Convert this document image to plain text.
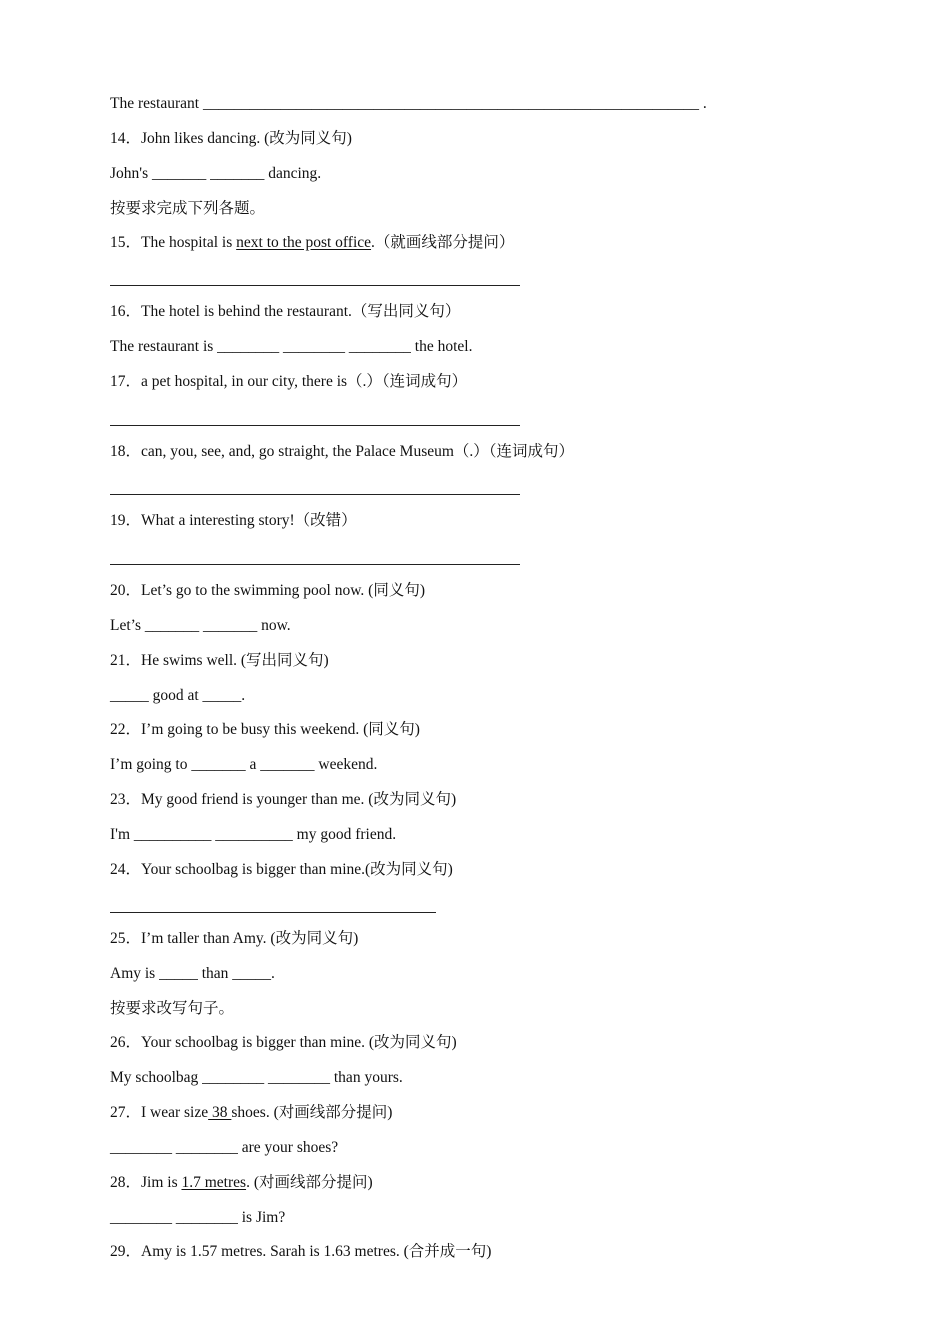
The restaurant ________________________________________________________________ .
14．John likes dancing. (改为同义句)
John's _______ _______ dancing.
按要求完成下列各题。
15．The hospital is next to the post office.（就画线部分提问）
16．The hotel is behind the restaurant.（写出同义句）
The restaurant is ________ ________ ________ the hotel.
17．a pet hospital, in our city, there is（.）（连词成句）
18．can, you, see, and, go straight, the Palace Museum（.）（连词成句）
19．What a interesting story!（改错）
20．Let’s go to the swimming pool now. (同义句)
Let’s _______ _______ now.
21．He swims well. (写出同义句)
_____ good at _____.
22．I’m going to be busy this weekend. (同义句)
I’m going to _______ a _______ weekend.
23．My good friend is younger than me. (改为同义句)
I'm __________ __________ my good friend.
24．Your schoolbag is bigger than mine.(改为同义句)
25．I’m taller than Amy. (改为同义句)
Amy is _____ than _____.
按要求改写句子。
26．Your schoolbag is bigger than mine. (改为同义句)
My schoolbag ________ ________ than yours.
27．I wear size 38 shoes. (对画线部分提问)
________ ________ are your shoes?
28．Jim is 1.7 metres. (对画线部分提问)
________ ________ is Jim?
29．Amy is 1.57 metres. Sarah is 1.63 metres. (合并成一句)
